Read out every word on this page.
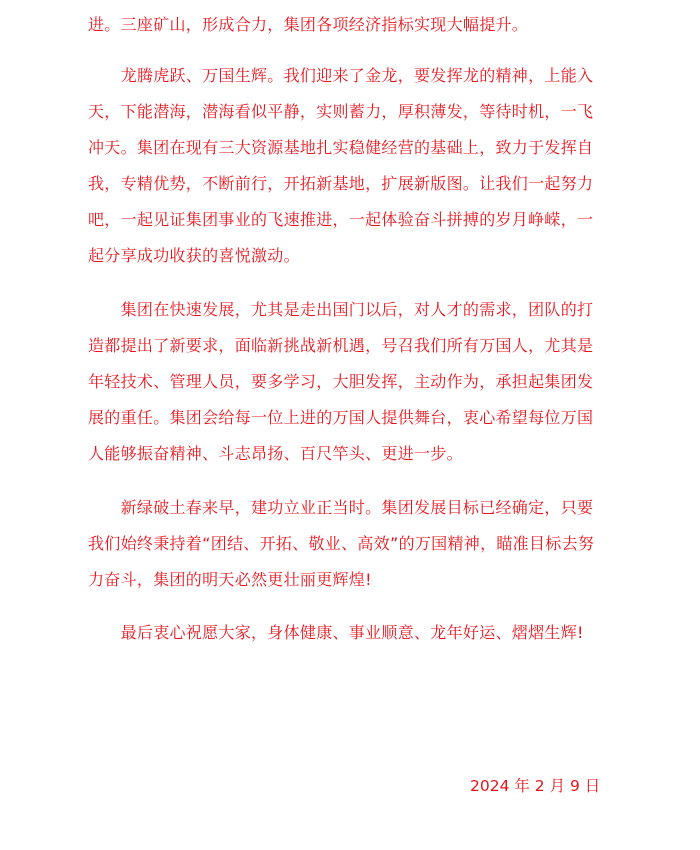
进。三座矿山，形成合力，集团各项经济指标实现大幅提升。
　　龙腾虎跃、万国生辉。我们迎来了金龙，要发挥龙的精神，上能入
天，下能潜海，潜海看似平静，实则蓄力，厚积薄发，等待时机，一飞
冲天。集团在现有三大资源基地扎实稳健经营的基础上，致力于发挥自
我，专精优势，不断前行，开拓新基地，扩展新版图。让我们一起努力
吧，一起见证集团事业的飞速推进，一起体验奋斗拼搏的岁月峥嵘，一
起分享成功收获的喜悦激动。
　　集团在快速发展，尤其是走出国门以后，对人才的需求，团队的打
造都提出了新要求，面临新挑战新机遇，号召我们所有万国人，尤其是
年轻技术、管理人员，要多学习，大胆发挥，主动作为，承担起集团发
展的重任。集团会给每一位上进的万国人提供舞台，衷心希望每位万国
人能够振奋精神、斗志昂扬、百尺竿头、更进一步。
　　新绿破土春来早，建功立业正当时。集团发展目标已经确定，只要
我们始终秉持着“团结、开拓、敬业、高效”的万国精神，瞄准目标去努
力奋斗，集团的明天必然更壮丽更辉煌!
　　最后衷心祝愿大家，身体健康、事业顺意、龙年好运、熠熠生辉!
2024 年 2 月 9 日
